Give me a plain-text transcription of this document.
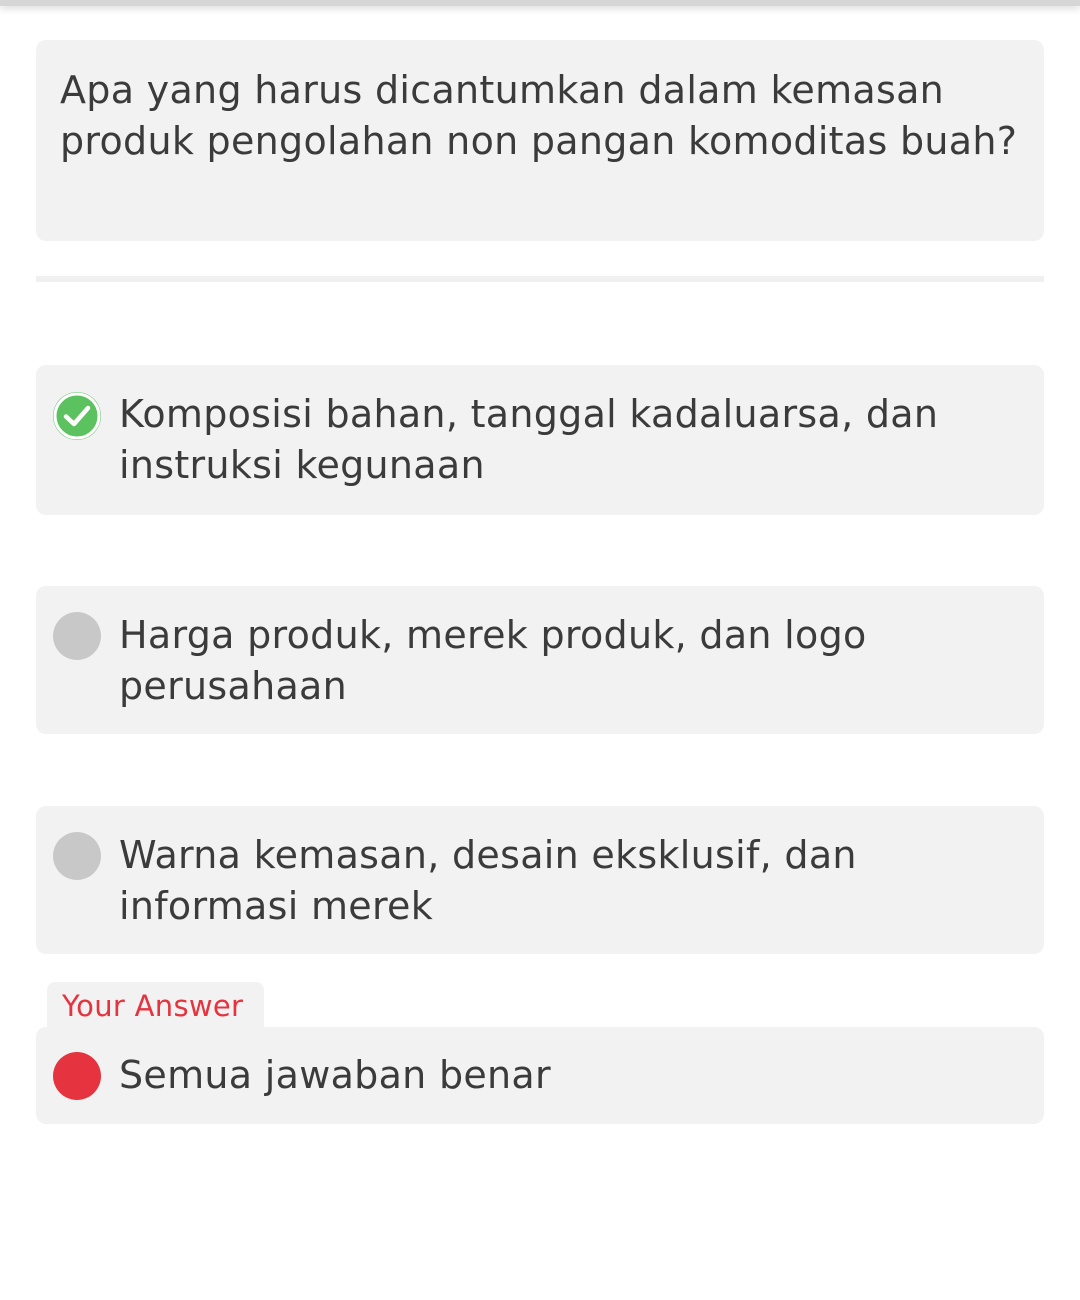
Apa yang harus dicantumkan dalam kemasan produk pengolahan non pangan komoditas buah?

Komposisi bahan, tanggal kadaluarsa, dan instruksi kegunaan
Harga produk, merek produk, dan logo perusahaan
Warna kemasan, desain eksklusif, dan informasi merek
Your Answer
Semua jawaban benar
